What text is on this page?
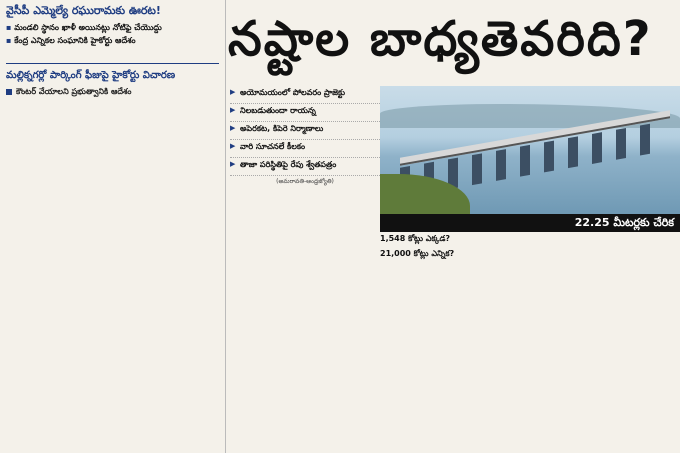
వైసీపీ ఎమ్మెల్యే రఘురామకు ఊరట!
▪ మండలి స్థానం ఖాళీ అయినట్లు నోటిఫై చేయొద్దు
▪ కేంద్ర ఎన్నికల సంఘానికి హైకోర్టు ఆదేశం

మల్లిక్నగర్లో పార్కింగ్ ఫీజుపై హైకోర్టు విచారణ
కౌంటర్ వేయాలని ప్రభుత్వానికి ఆదేశం
నష్టాల బాధ్యతెవరిది?
▶ అయోమయంలో పోలవరం ప్రాజెక్టు
▶ నిలబడుతుందా రాయన్న
▶ అపెరకట, కిపెరె నిర్మాణాలు
▶ వారి సూచనలే కీలకం
▶ తాజా పరిస్థితిపై రేపు శ్వేతపత్రం
(అమరావతి-ఆంధ్రజ్యోతి)
22.25 మీటర్లకు చేరిక
1,548 కోట్లు ఎక్కడ?
21,000 కోట్లు ఎన్నిక?
